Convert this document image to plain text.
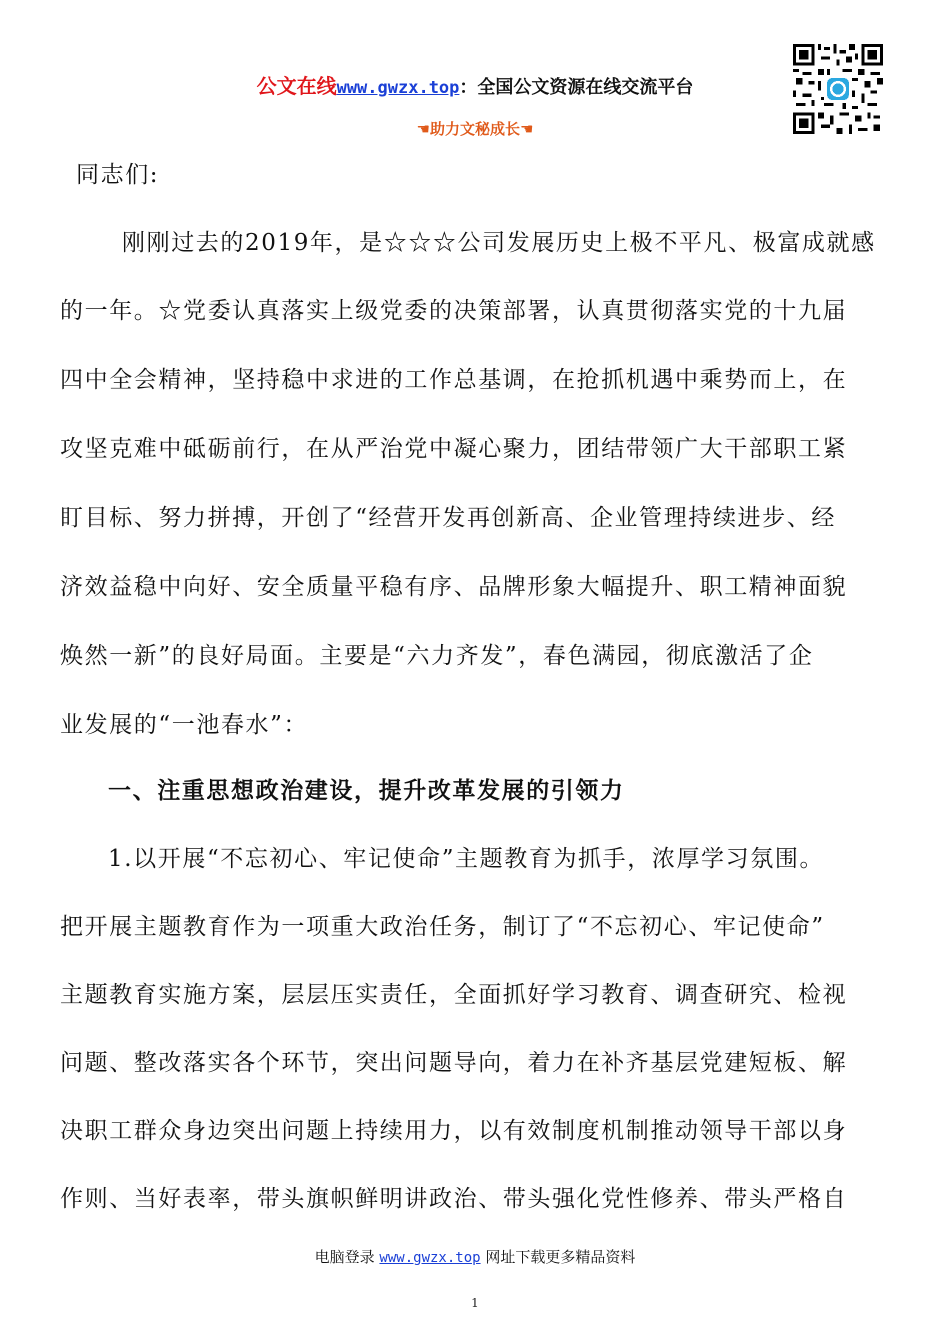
公文在线www.gwzx.top：全国公文资源在线交流平台
☚助力文秘成长☚
同志们:
刚刚过去的2019年，是☆☆☆公司发展历史上极不平凡、极富成就感
的一年。☆党委认真落实上级党委的决策部署，认真贯彻落实党的十九届
四中全会精神，坚持稳中求进的工作总基调，在抢抓机遇中乘势而上，在
攻坚克难中砥砺前行，在从严治党中凝心聚力，团结带领广大干部职工紧
盯目标、努力拼搏，开创了“经营开发再创新高、企业管理持续进步、经
济效益稳中向好、安全质量平稳有序、品牌形象大幅提升、职工精神面貌
焕然一新”的良好局面。主要是“六力齐发”，春色满园，彻底激活了企
业发展的“一池春水”：
一、注重思想政治建设，提升改革发展的引领力
1.以开展“不忘初心、牢记使命”主题教育为抓手，浓厚学习氛围。
把开展主题教育作为一项重大政治任务，制订了“不忘初心、牢记使命”
主题教育实施方案，层层压实责任，全面抓好学习教育、调查研究、检视
问题、整改落实各个环节，突出问题导向，着力在补齐基层党建短板、解
决职工群众身边突出问题上持续用力，以有效制度机制推动领导干部以身
作则、当好表率，带头旗帜鲜明讲政治、带头强化党性修养、带头严格自
电脑登录 www.gwzx.top 网址下载更多精品资料
1
